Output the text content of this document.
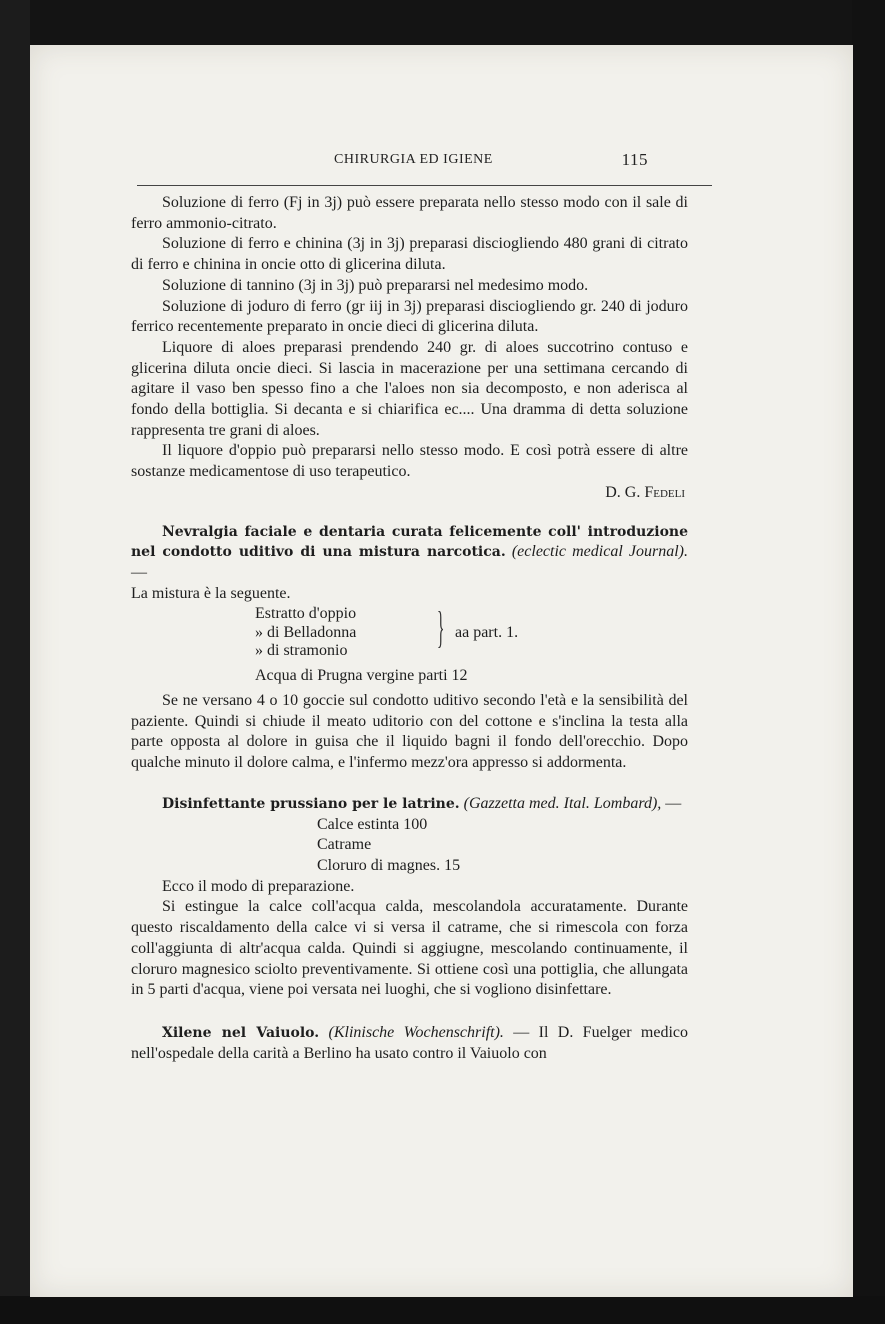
CHIRURGIA ED IGIENE	115

Soluzione di ferro (Fj in 3j) può essere preparata nello stesso modo con il sale di ferro ammonio-citrato.

Soluzione di ferro e chinina (3j in 3j) preparasi disciogliendo 480 grani di citrato di ferro e chinina in oncie otto di glicerina diluta.

Soluzione di tannino (3j in 3j) può prepararsi nel medesimo modo.

Soluzione di joduro di ferro (gr iij in 3j) preparasi disciogliendo gr. 240 di joduro ferrico recentemente preparato in oncie dieci di glicerina diluta.

Liquore di aloes preparasi prendendo 240 gr. di aloes succotrino contuso e glicerina diluta oncie dieci. Si lascia in macerazione per una settimana cercando di agitare il vaso ben spesso fino a che l'aloes non sia decomposto, e non aderisca al fondo della bottiglia. Si decanta e si chiarifica ec.... Una dramma di detta soluzione rappresenta tre grani di aloes.

Il liquore d'oppio può prepararsi nello stesso modo. E così potrà essere di altre sostanze medicamentose di uso terapeutico.

D. G. Fedeli

Nevralgia faciale e dentaria curata felicemente coll' introduzione nel condotto uditivo di una mistura narcotica. (eclectic medical Journal). —

La mistura è la seguente.

Estratto d'oppio
» di Belladonna
» di stramonio } aa part. 1.

Acqua di Prugna vergine parti 12

Se ne versano 4 o 10 goccie sul condotto uditivo secondo l'età e la sensibilità del paziente. Quindi si chiude il meato uditorio con del cottone e s'inclina la testa alla parte opposta al dolore in guisa che il liquido bagni il fondo dell'orecchio. Dopo qualche minuto il dolore calma, e l'infermo mezz'ora appresso si addormenta.

Disinfettante prussiano per le latrine. (Gazzetta med. Ital. Lombard), —

Calce estinta 100

Catrame

Cloruro di magnes. 15

Ecco il modo di preparazione.

Si estingue la calce coll'acqua calda, mescolandola accuratamente. Durante questo riscaldamento della calce vi si versa il catrame, che si rimescola con forza coll'aggiunta di altr'acqua calda. Quindi si aggiugne, mescolando continuamente, il cloruro magnesico sciolto preventivamente. Si ottiene così una pottiglia, che allungata in 5 parti d'acqua, viene poi versata nei luoghi, che si vogliono disinfettare.

Xilene nel Vaiuolo. (Klinische Wochenschrift). — Il D. Fuelger medico nell'ospedale della carità a Berlino ha usato contro il Vaiuolo con
